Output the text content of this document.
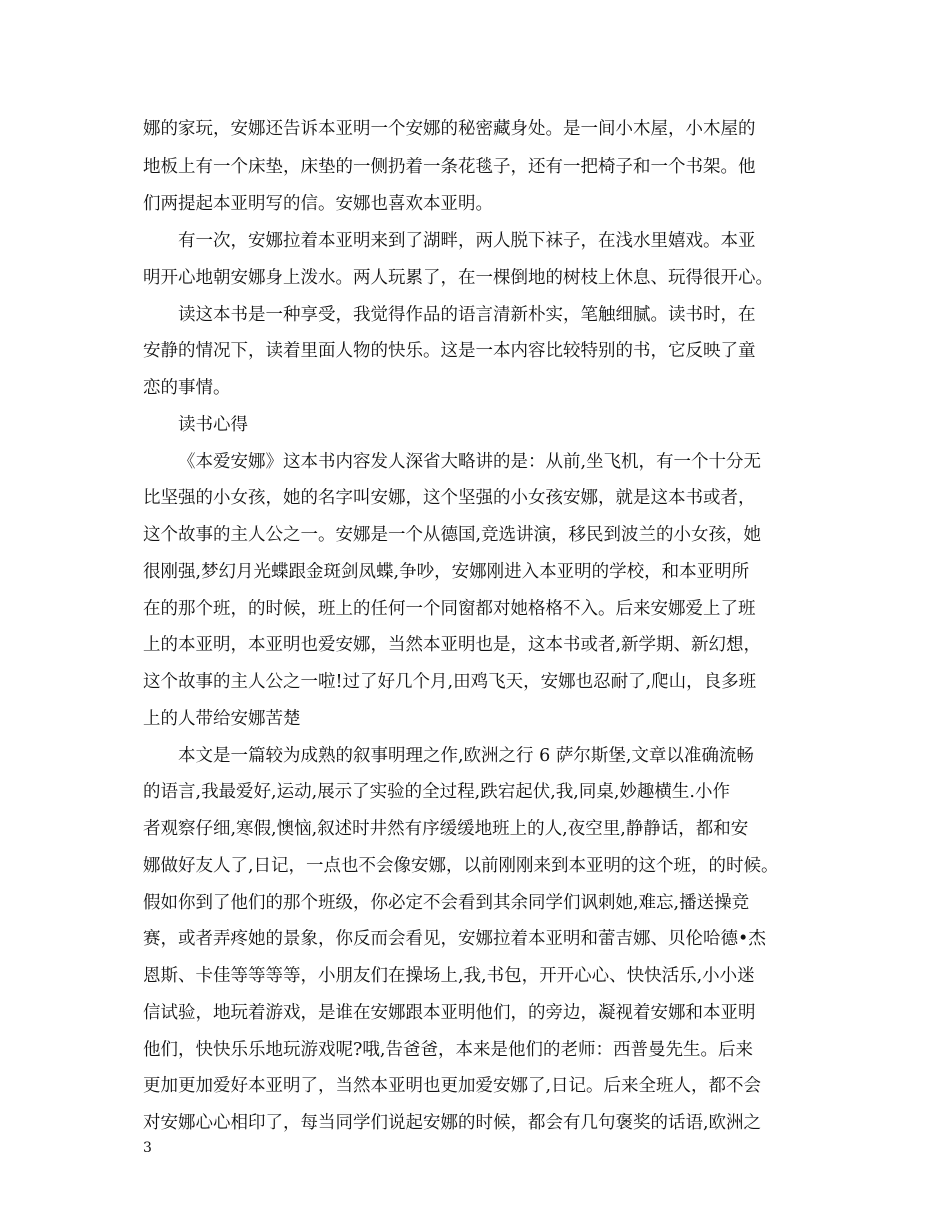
娜的家玩，安娜还告诉本亚明一个安娜的秘密藏身处。是一间小木屋，小木屋的
地板上有一个床垫，床垫的一侧扔着一条花毯子，还有一把椅子和一个书架。他
们两提起本亚明写的信。安娜也喜欢本亚明。
有一次，安娜拉着本亚明来到了湖畔，两人脱下袜子，在浅水里嬉戏。本亚
明开心地朝安娜身上泼水。两人玩累了，在一棵倒地的树枝上休息、玩得很开心。
读这本书是一种享受，我觉得作品的语言清新朴实，笔触细腻。读书时，在
安静的情况下，读着里面人物的快乐。这是一本内容比较特别的书，它反映了童
恋的事情。
读书心得
《本爱安娜》这本书内容发人深省大略讲的是：从前,坐飞机，有一个十分无
比坚强的小女孩，她的名字叫安娜，这个坚强的小女孩安娜，就是这本书或者，
这个故事的主人公之一。安娜是一个从德国,竞选讲演，移民到波兰的小女孩，她
很刚强,梦幻月光蝶跟金斑剑凤蝶,争吵，安娜刚进入本亚明的学校，和本亚明所
在的那个班，的时候，班上的任何一个同窗都对她格格不入。后来安娜爱上了班
上的本亚明，本亚明也爱安娜，当然本亚明也是，这本书或者,新学期、新幻想，
这个故事的主人公之一啦!过了好几个月,田鸡飞天，安娜也忍耐了,爬山，良多班
上的人带给安娜苦楚
本文是一篇较为成熟的叙事明理之作,欧洲之行 6 萨尔斯堡,文章以准确流畅
的语言,我最爱好,运动,展示了实验的全过程,跌宕起伏,我,同桌,妙趣横生.小作
者观察仔细,寒假,懊恼,叙述时井然有序缓缓地班上的人,夜空里,静静话，都和安
娜做好友人了,日记，一点也不会像安娜，以前刚刚来到本亚明的这个班，的时候。
假如你到了他们的那个班级，你必定不会看到其余同学们讽刺她,难忘,播送操竞
赛，或者弄疼她的景象，你反而会看见，安娜拉着本亚明和蕾吉娜、贝伦哈德•杰
恩斯、卡佳等等等等，小朋友们在操场上,我,书包，开开心心、快快活乐,小小迷
信试验，地玩着游戏，是谁在安娜跟本亚明他们，的旁边，凝视着安娜和本亚明
他们，快快乐乐地玩游戏呢?哦,告爸爸，本来是他们的老师：西普曼先生。后来
更加更加爱好本亚明了，当然本亚明也更加爱安娜了,日记。后来全班人，都不会
对安娜心心相印了，每当同学们说起安娜的时候，都会有几句褒奖的话语,欧洲之
3
